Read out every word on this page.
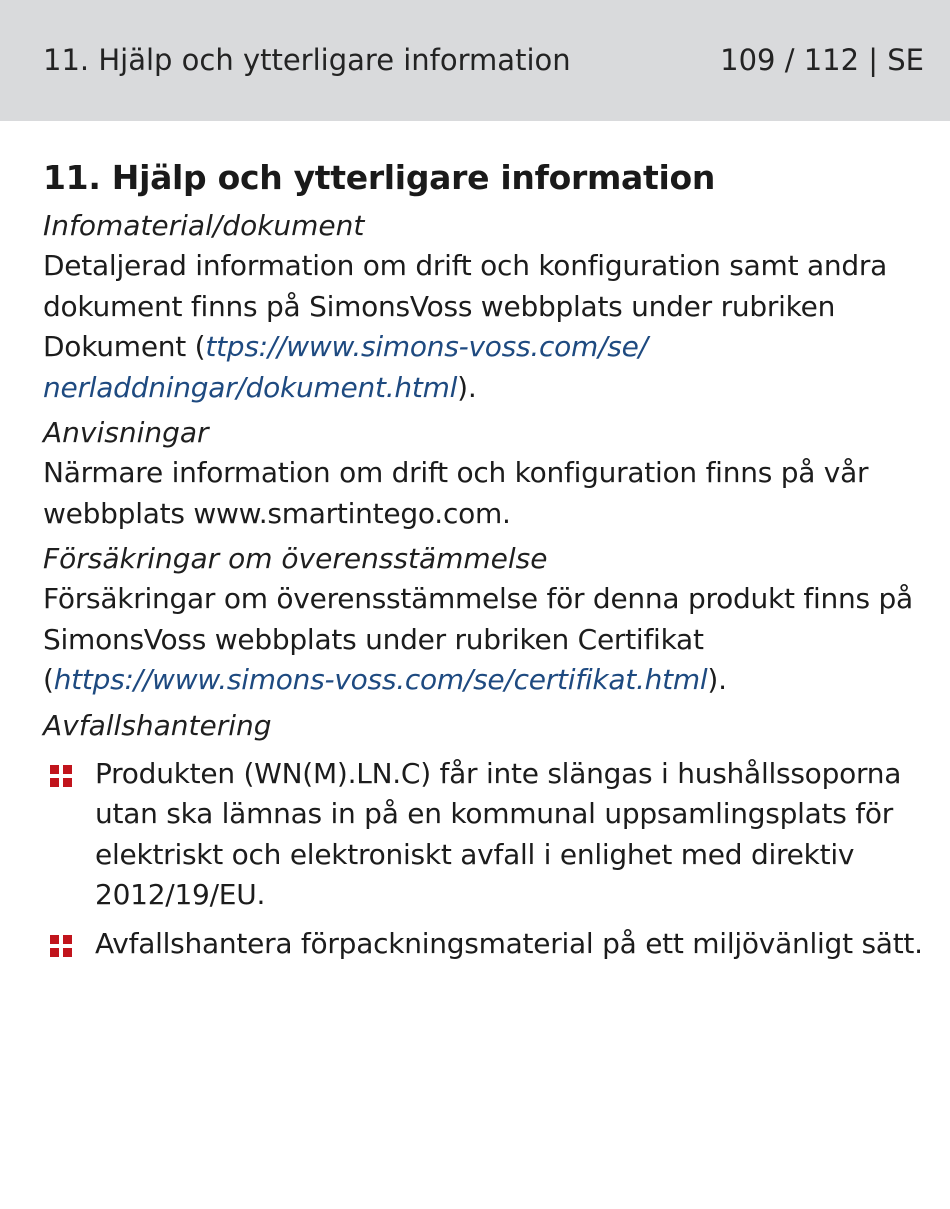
11. Hjälp och ytterligare information	109 / 112 | SE
11. Hjälp och ytterligare information

Infomaterial/dokument

Detaljerad information om drift och konfiguration samt andra dokument finns på SimonsVoss webbplats under rubriken Dokument (ttps://www.simons-voss.com/se/
nerladdningar/dokument.html).

Anvisningar

Närmare information om drift och konfiguration finns på vår webbplats www.smartintego.com.

Försäkringar om överensstämmelse

Försäkringar om överensstämmelse för denna produkt finns på SimonsVoss webbplats under rubriken Certifikat (https://www.simons-voss.com/se/certifikat.html).

Avfallshantering

Produkten (WN(M).LN.C) får inte slängas i hushållssoporna utan ska lämnas in på en kommunal uppsamlingsplats för elektriskt och elektroniskt avfall i enlighet med direktiv 2012/19/EU.
Avfallshantera förpackningsmaterial på ett miljövänligt sätt.
